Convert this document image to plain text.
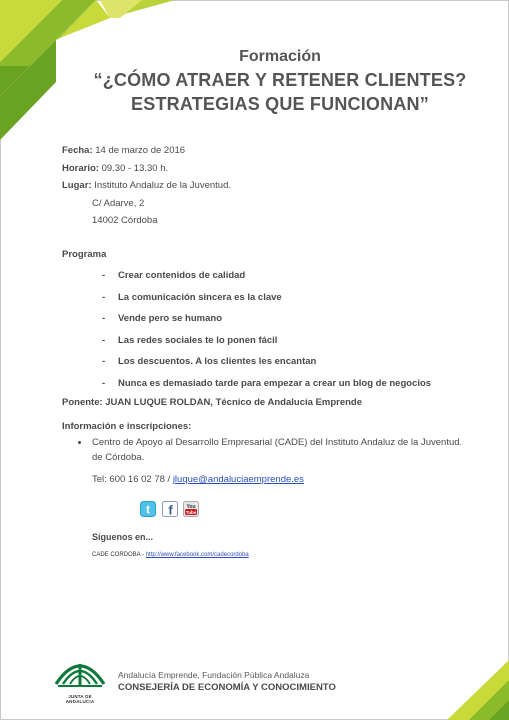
Formación
“¿CÓMO ATRAER Y RETENER CLIENTES?
ESTRATEGIAS QUE FUNCIONAN”
Fecha: 14 de marzo de 2016
Horario: 09.30 - 13.30 h.
Lugar: Instituto Andaluz de la Juventud.
C/ Adarve, 2
14002 Córdoba
Programa
- Crear contenidos de calidad
- La comunicación sincera es la clave
- Vende pero se humano
- Las redes sociales te lo ponen fácil
- Los descuentos. A los clientes les encantan
- Nunca es demasiado tarde para empezar a crear un blog de negocios
Ponente: JUAN LUQUE ROLDAN, Técnico de Andalucía Emprende
Información e inscripciones:
Centro de Apoyo al Desarrollo Empresarial (CADE) del Instituto Andaluz de la Juventud.
de Córdoba.
Tel: 600 16 02 78 / jluque@andaluciaemprende.es
t
f
	You
Tube
Síguenos en...
CADE CORDOBA - http://www.facebook.com/cadecordoba
JUNTA DE ANDALUCIA
Andalucía Emprende, Fundación Pública Andaluza
CONSEJERÍA DE ECONOMÍA Y CONOCIMIENTO
